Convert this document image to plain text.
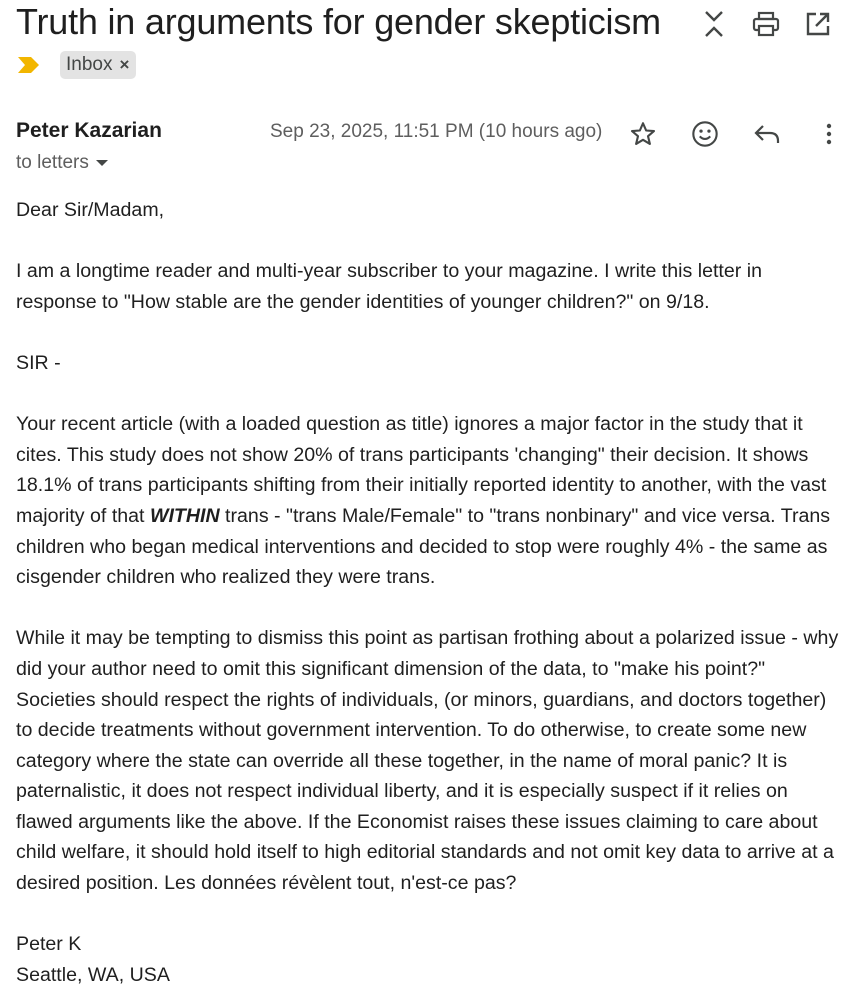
Truth in arguments for gender skepticism
Inbox ×
Peter Kazarian
to letters
Sep 23, 2025, 11:51 PM (10 hours ago)

Dear Sir/Madam,

I am a longtime reader and multi-year subscriber to your magazine. I write this letter in response to "How stable are the gender identities of younger children?" on 9/18.

SIR -

Your recent article (with a loaded question as title) ignores a major factor in the study that it cites. This study does not show 20% of trans participants 'changing" their decision. It shows 18.1% of trans participants shifting from their initially reported identity to another, with the vast majority of that WITHIN trans - "trans Male/Female" to "trans nonbinary" and vice versa. Trans children who began medical interventions and decided to stop were roughly 4% - the same as cisgender children who realized they were trans.

While it may be tempting to dismiss this point as partisan frothing about a polarized issue - why did your author need to omit this significant dimension of the data, to "make his point?" Societies should respect the rights of individuals, (or minors, guardians, and doctors together) to decide treatments without government intervention. To do otherwise, to create some new category where the state can override all these together, in the name of moral panic? It is paternalistic, it does not respect individual liberty, and it is especially suspect if it relies on flawed arguments like the above. If the Economist raises these issues claiming to care about child welfare, it should hold itself to high editorial standards and not omit key data to arrive at a desired position. Les données révèlent tout, n'est-ce pas?

Peter K

Seattle, WA, USA
